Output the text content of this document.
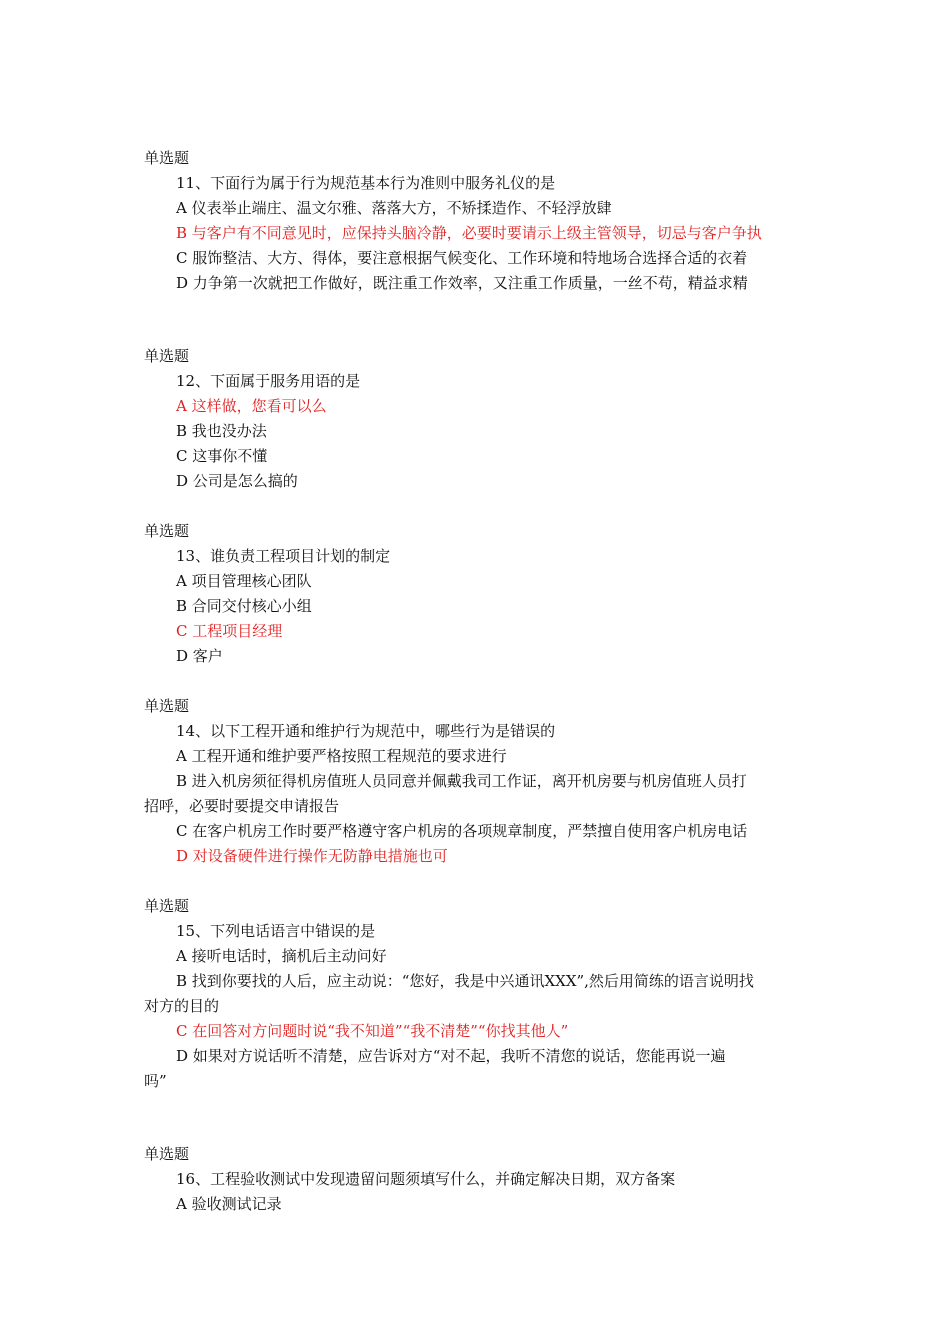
单选题
11、下面行为属于行为规范基本行为准则中服务礼仪的是
A 仪表举止端庄、温文尔雅、落落大方，不矫揉造作、不轻浮放肆
B 与客户有不同意见时，应保持头脑冷静，必要时要请示上级主管领导，切忌与客户争执
C 服饰整洁、大方、得体，要注意根据气候变化、工作环境和特地场合选择合适的衣着
D 力争第一次就把工作做好，既注重工作效率，又注重工作质量，一丝不苟，精益求精
单选题
12、下面属于服务用语的是
A 这样做，您看可以么
B 我也没办法
C 这事你不懂
D 公司是怎么搞的
单选题
13、谁负责工程项目计划的制定
A 项目管理核心团队
B 合同交付核心小组
C 工程项目经理
D 客户
单选题
14、以下工程开通和维护行为规范中，哪些行为是错误的
A 工程开通和维护要严格按照工程规范的要求进行
B 进入机房须征得机房值班人员同意并佩戴我司工作证，离开机房要与机房值班人员打
招呼，必要时要提交申请报告
C 在客户机房工作时要严格遵守客户机房的各项规章制度，严禁擅自使用客户机房电话
D 对设备硬件进行操作无防静电措施也可
单选题
15、下列电话语言中错误的是
A 接听电话时，摘机后主动问好
B 找到你要找的人后，应主动说：“您好，我是中兴通讯XXX”,然后用简练的语言说明找
对方的目的
C 在回答对方问题时说“我不知道”“我不清楚”“你找其他人”
D 如果对方说话听不清楚，应告诉对方“对不起，我听不清您的说话，您能再说一遍
吗”
单选题
16、工程验收测试中发现遗留问题须填写什么，并确定解决日期，双方备案
A 验收测试记录
